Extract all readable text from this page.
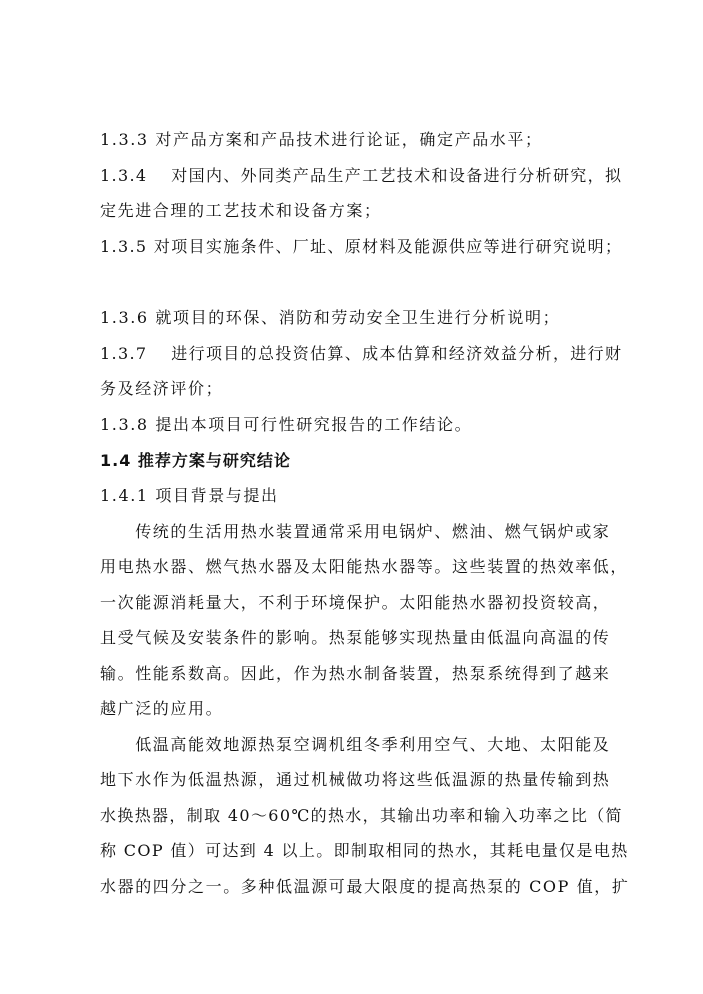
1.3.3 对产品方案和产品技术进行论证，确定产品水平；
1.3.4　 对国内、外同类产品生产工艺技术和设备进行分析研究，拟
定先进合理的工艺技术和设备方案；
1.3.5 对项目实施条件、厂址、原材料及能源供应等进行研究说明；
1.3.6 就项目的环保、消防和劳动安全卫生进行分析说明；
1.3.7　 进行项目的总投资估算、成本估算和经济效益分析，进行财
务及经济评价；
1.3.8 提出本项目可行性研究报告的工作结论。
1.4 推荐方案与研究结论
1.4.1 项目背景与提出
　　传统的生活用热水装置通常采用电锅炉、燃油、燃气锅炉或家
用电热水器、燃气热水器及太阳能热水器等。这些装置的热效率低，
一次能源消耗量大，不利于环境保护。太阳能热水器初投资较高，
且受气候及安装条件的影响。热泵能够实现热量由低温向高温的传
输。性能系数高。因此，作为热水制备装置，热泵系统得到了越来
越广泛的应用。
　　低温高能效地源热泵空调机组冬季利用空气、大地、太阳能及
地下水作为低温热源，通过机械做功将这些低温源的热量传输到热
水换热器，制取 40～60℃的热水，其输出功率和输入功率之比（简
称 COP 值）可达到 4 以上。即制取相同的热水，其耗电量仅是电热
水器的四分之一。多种低温源可最大限度的提高热泵的 COP 值，扩
